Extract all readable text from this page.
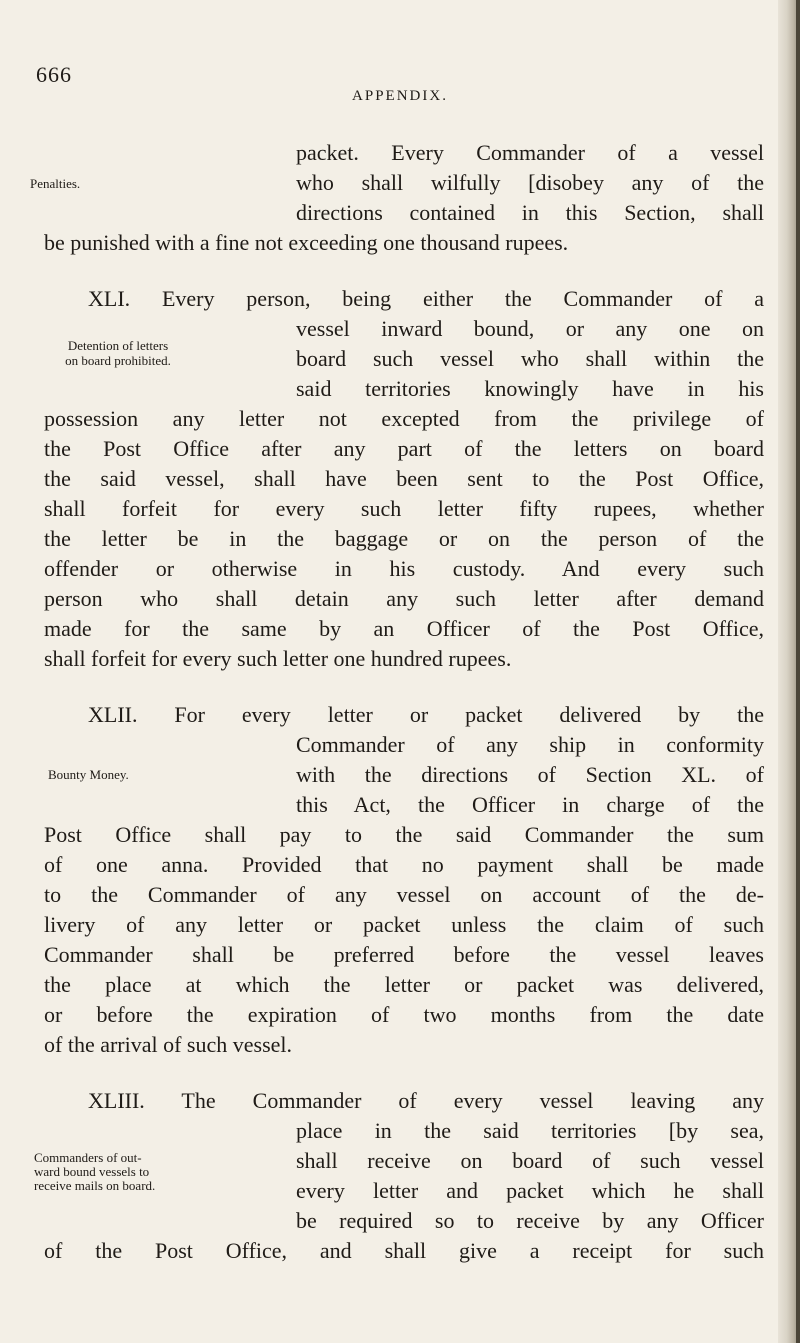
666
APPENDIX.
packet. Every Commander of a vessel
Penalties.	who shall wilfully [disobey any of the
directions contained in this Section, shall
be punished with a fine not exceeding one thousand rupees.
XLI. Every person, being either the Commander of a
vessel inward bound, or any one on
Detention of letters
board such vessel who shall within the
on board prohibited.
said territories knowingly have in his
possession any letter not excepted from the privilege of
the Post Office after any part of the letters on board
the said vessel, shall have been sent to the Post Office,
shall forfeit for every such letter fifty rupees, whether
the letter be in the baggage or on the person of the
offender or otherwise in his custody. And every such
person who shall detain any such letter after demand
made for the same by an Officer of the Post Office,
shall forfeit for every such letter one hundred rupees.
XLII. For every letter or packet delivered by the
Commander of any ship in conformity
Bounty Money.	with the directions of Section XL. of
this Act, the Officer in charge of the
Post Office shall pay to the said Commander the sum
of one anna. Provided that no payment shall be made
to the Commander of any vessel on account of the de-
livery of any letter or packet unless the claim of such
Commander shall be preferred before the vessel leaves
the place at which the letter or packet was delivered,
or before the expiration of two months from the date
of the arrival of such vessel.
XLIII. The Commander of every vessel leaving any
place in the said territories [by sea,
Commanders of out-	shall receive on board of such vessel
ward bound vessels to
receive mails on board.	every letter and packet which he shall
be required so to receive by any Officer
of the Post Office, and shall give a receipt for such
